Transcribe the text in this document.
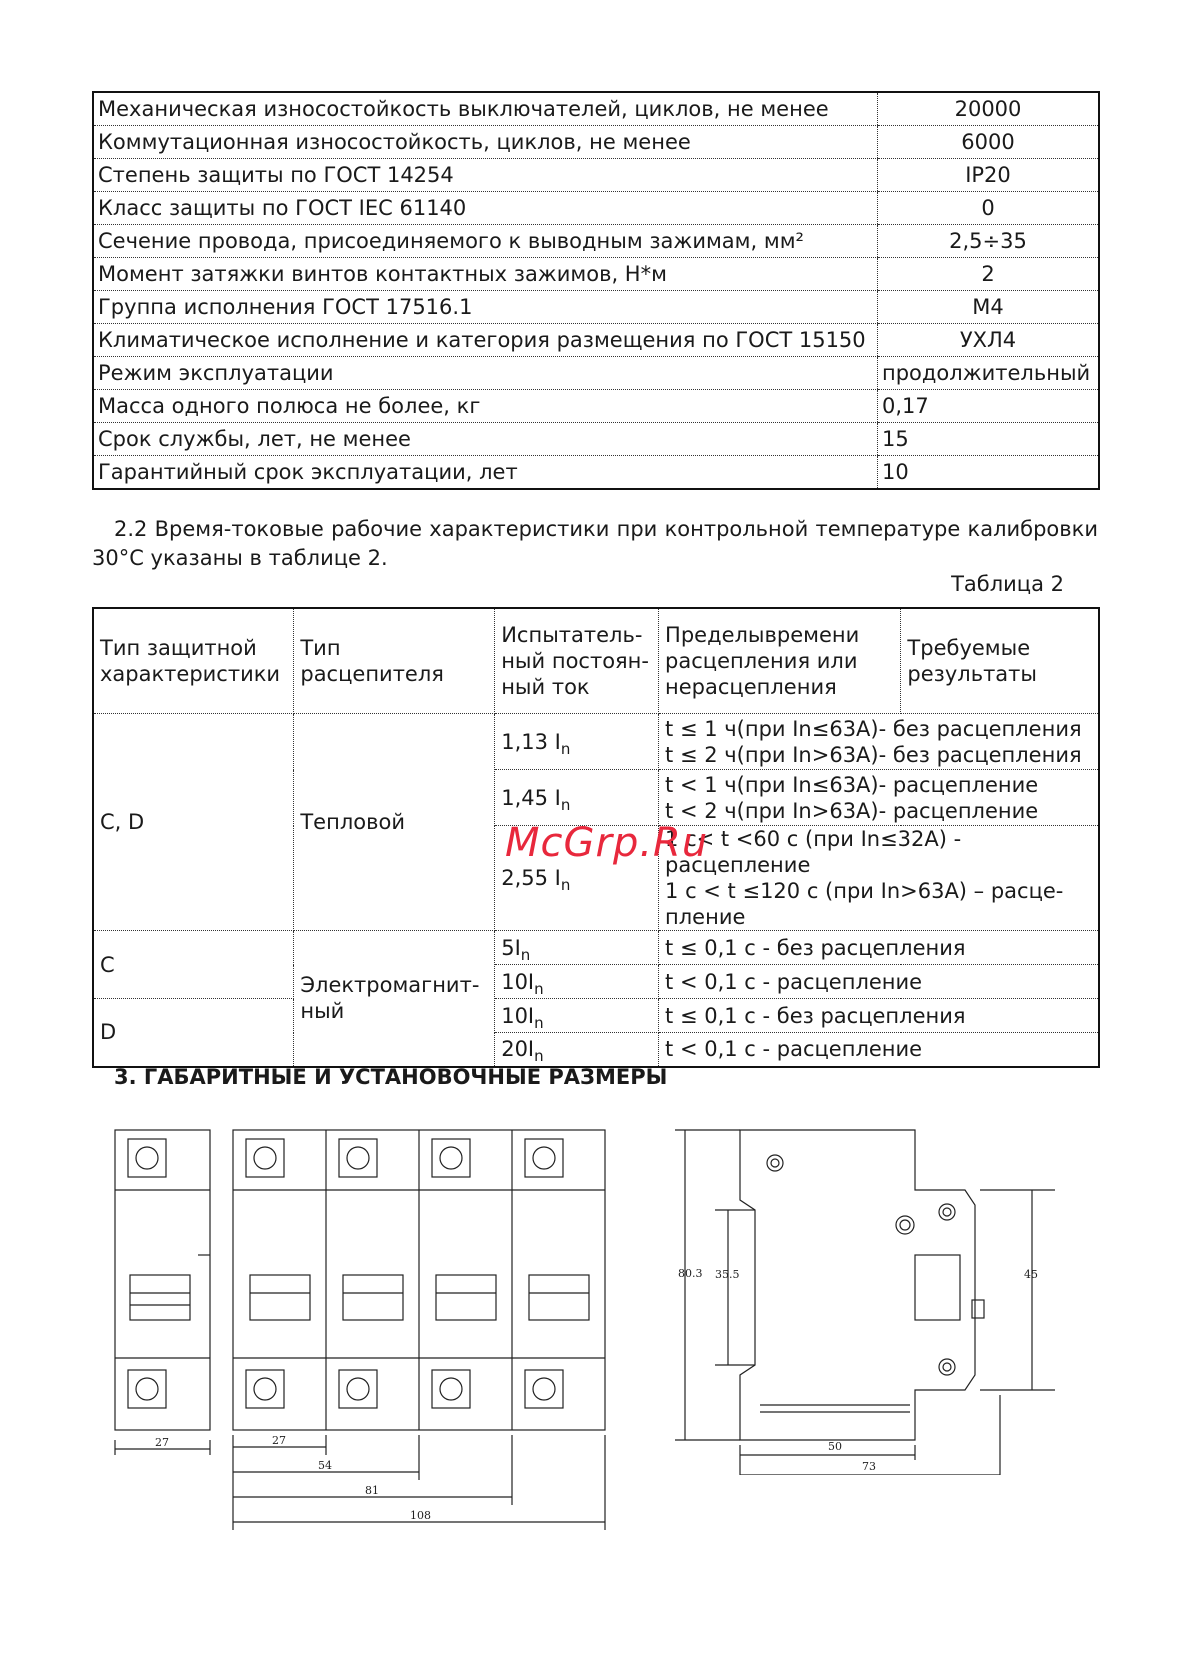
Механическая износостойкость выключателей, циклов, не менее	20000
Коммутационная износостойкость, циклов, не менее	6000
Степень защиты по ГОСТ 14254	IP20
Класс защиты по ГОСТ IEC 61140	0
Сечение провода, присоединяемого к выводным зажимам, мм²	2,5÷35
Момент затяжки винтов контактных зажимов, Н*м	2
Группа исполнения ГОСТ 17516.1	М4
Климатическое исполнение и категория размещения по ГОСТ 15150	УХЛ4
Режим эксплуатации	продолжительный
Масса одного полюса не более, кг	0,17
Срок службы, лет, не менее	15
Гарантийный срок эксплуатации, лет	10
2.2 Время-токовые рабочие характеристики при контрольной температуре калибровки 30°С указаны в таблице 2.
Таблица 2
Тип защитной характеристики	Тип расцепителя	Испытатель-ный постоян-ный ток	Пределывремени расцепления или нерасцепления	Требуемые результаты
C, D	Тепловой	1,13 $I_n$	t ≤ 1 ч(при In≤63A)- без расцепления
t ≤ 2 ч(при In>63A)- без расцепления	

		1,45 $I_n$	t < 1 ч(при In≤63A)- расцепление
t < 2 ч(при In>63A)- расцепление	

		2,55 $I_n$	1 с< t <60 с (при In≤32A) - расцепление
1 с < t ≤120 с (при In>63A) – расце-
пление	

C	Электромагнит-ный	$5I_n$	t ≤ 0,1 с - без расцепления	
		$10I_n$	t < 0,1 с - расцепление	
D		$10I_n$	t ≤ 0,1 с - без расцепления	
		$20I_n$	t < 0,1 с - расцепление	
McGrp.Ru
3. ГАБАРИТНЫЕ И УСТАНОВОЧНЫЕ РАЗМЕРЫ
27	27
54
81
108
80.3 35.5	45
50
73
